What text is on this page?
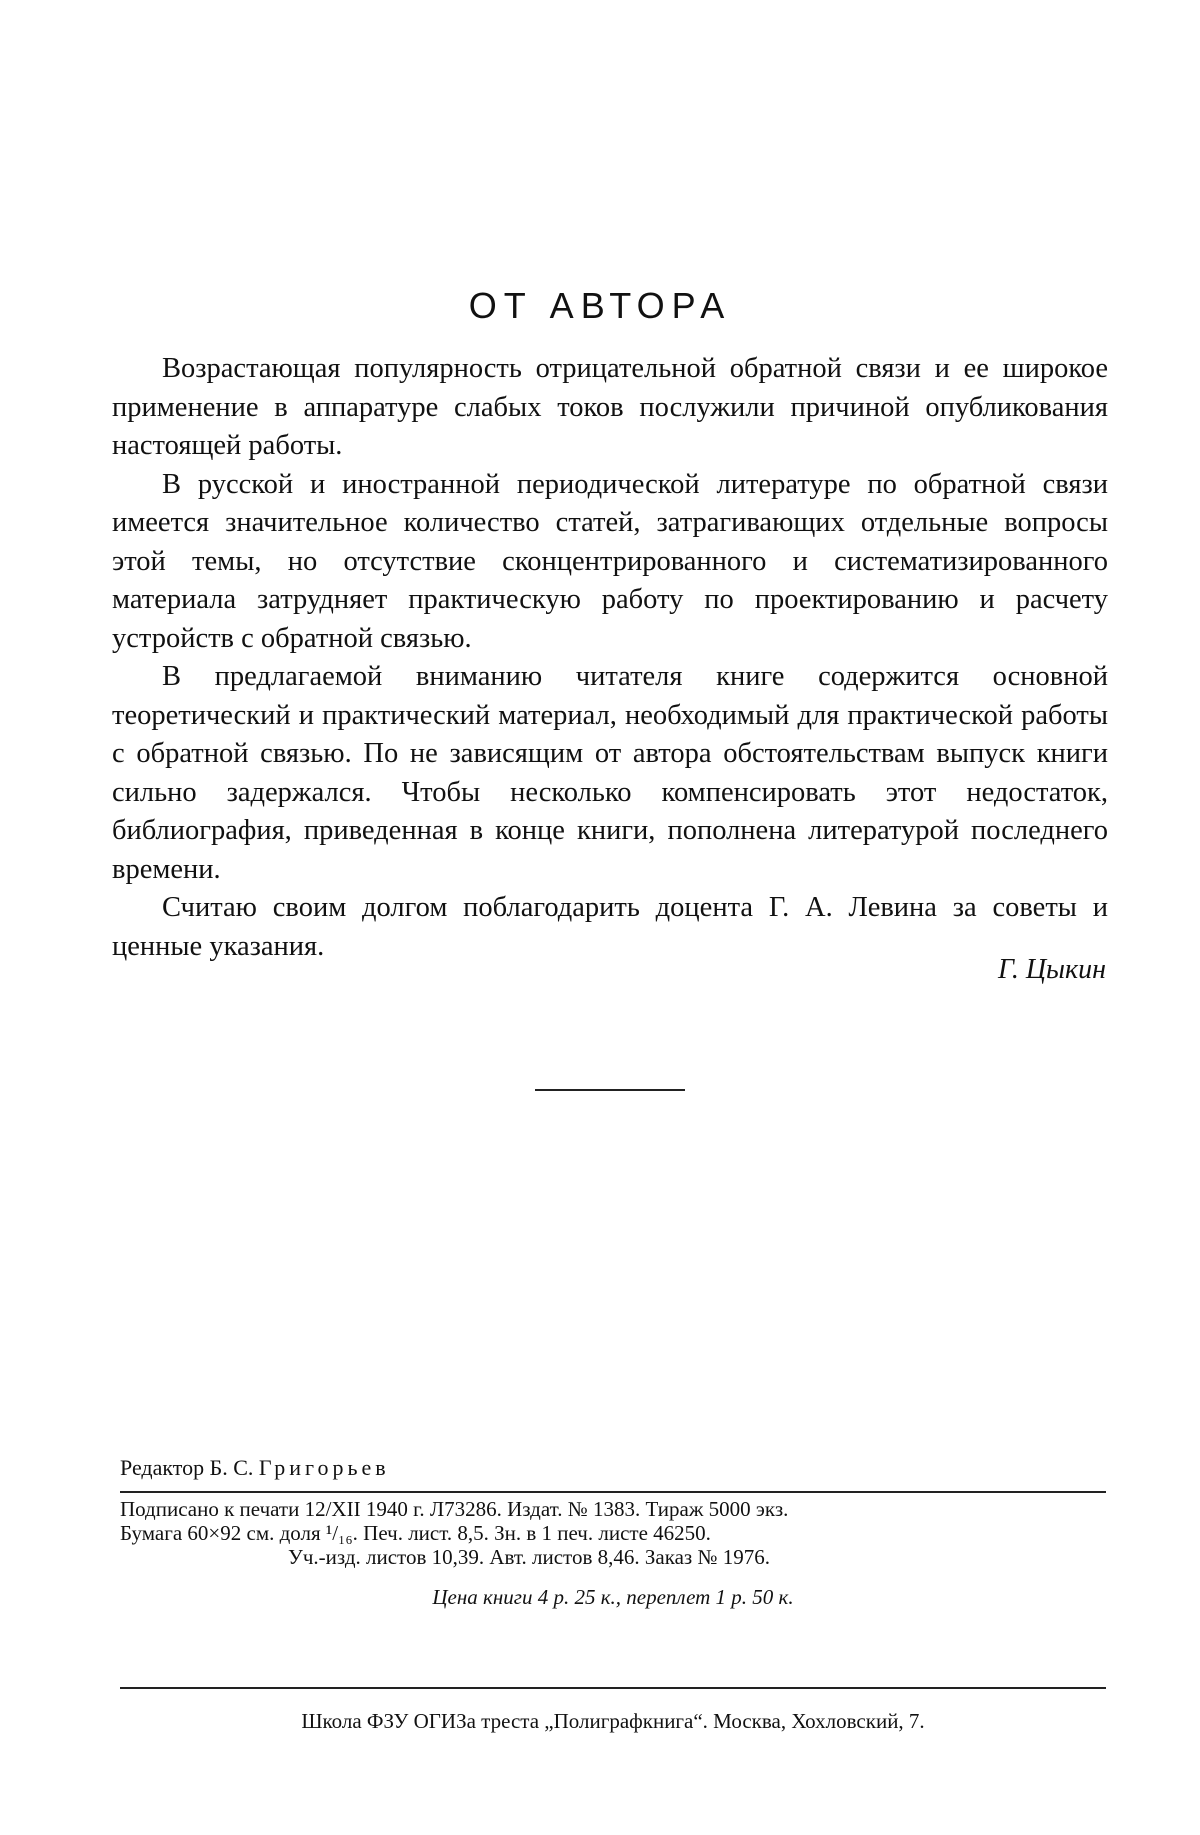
ОТ АВТОРА

Возрастающая популярность отрицательной обратной связи и ее широкое применение в аппаратуре слабых токов послужили причиной опубликования настоящей работы.

В русской и иностранной периодической литературе по обратной связи имеется значительное количество статей, затрагивающих отдельные вопросы этой темы, но отсутствие сконцентрированного и систематизированного материала затрудняет практическую работу по проектированию и расчету устройств с обратной связью.

В предлагаемой вниманию читателя книге содержится основной теоретический и практический материал, необходимый для практической работы с обратной связью. По не зависящим от автора обстоятельствам выпуск книги сильно задержался. Чтобы несколько компенсировать этот недостаток, библиография, приведенная в конце книги, пополнена литературой последнего времени.

Считаю своим долгом поблагодарить доцента Г. А. Левина за советы и ценные указания.

Г. Цыкин
Редактор Б. С. Григорьев
Подписано к печати 12/XII 1940 г. Л73286. Издат. № 1383. Тираж 5000 экз.
Бумага 60×92 см. доля ¹/₁₆. Печ. лист. 8,5. Зн. в 1 печ. листе 46250.
Уч.-изд. листов 10,39. Авт. листов 8,46. Заказ № 1976.
Цена книги 4 р. 25 к., переплет 1 р. 50 к.
Школа ФЗУ ОГИЗа треста „Полиграфкнига“. Москва, Хохловский, 7.
